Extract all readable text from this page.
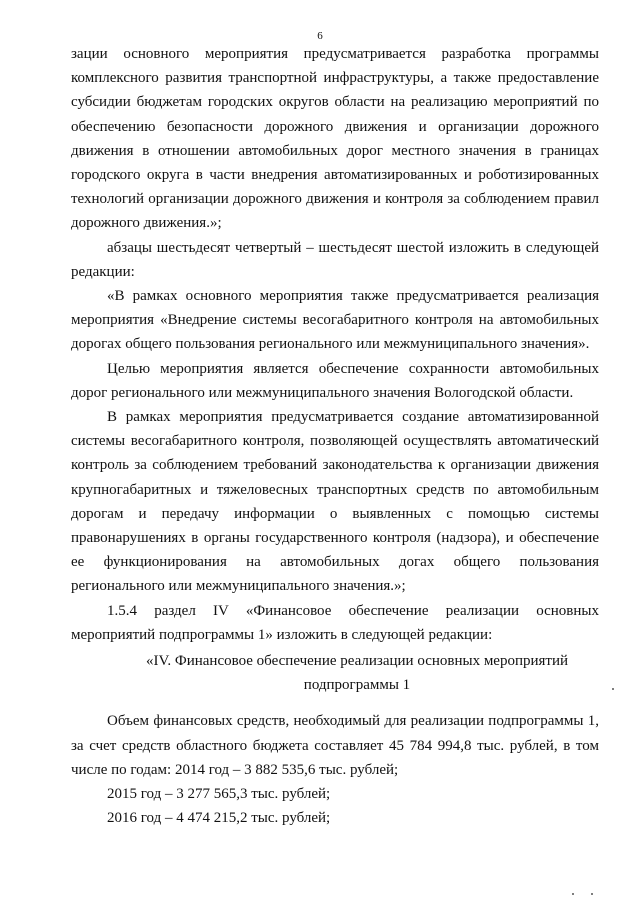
6

зации основного мероприятия предусматривается разработка программы комплексного развития транспортной инфраструктуры, а также предоставление субсидии бюджетам городских округов области на реализацию мероприятий по обеспечению безопасности дорожного движения и организации дорожного движения в отношении автомобильных дорог местного значения в границах городского округа в части внедрения автоматизированных и роботизированных технологий организации дорожного движения и контроля за соблюдением правил дорожного движения.»;

абзацы шестьдесят четвертый – шестьдесят шестой изложить в следующей редакции:

«В рамках основного мероприятия также предусматривается реализация мероприятия «Внедрение системы весогабаритного контроля на автомобильных дорогах общего пользования регионального или межмуниципального значения».

Целью мероприятия является обеспечение сохранности автомобильных дорог регионального или межмуниципального значения Вологодской области.

В рамках мероприятия предусматривается создание автоматизированной системы весогабаритного контроля, позволяющей осуществлять автоматический контроль за соблюдением требований законодательства к организации движения крупногабаритных и тяжеловесных транспортных средств по автомобильным дорогам и передачу информации о выявленных с помощью системы правонарушениях в органы государственного контроля (надзора), и обеспечение ее функционирования на автомобильных догах общего пользования регионального или межмуниципального значения.»;

1.5.4 раздел IV «Финансовое обеспечение реализации основных мероприятий подпрограммы 1» изложить в следующей редакции:

«IV. Финансовое обеспечение реализации основных мероприятий подпрограммы 1

Объем финансовых средств, необходимый для реализации подпрограммы 1, за счет средств областного бюджета составляет 45 784 994,8 тыс. рублей, в том числе по годам: 2014 год – 3 882 535,6 тыс. рублей;

2015 год – 3 277 565,3 тыс. рублей;

2016 год – 4 474 215,2 тыс. рублей;
